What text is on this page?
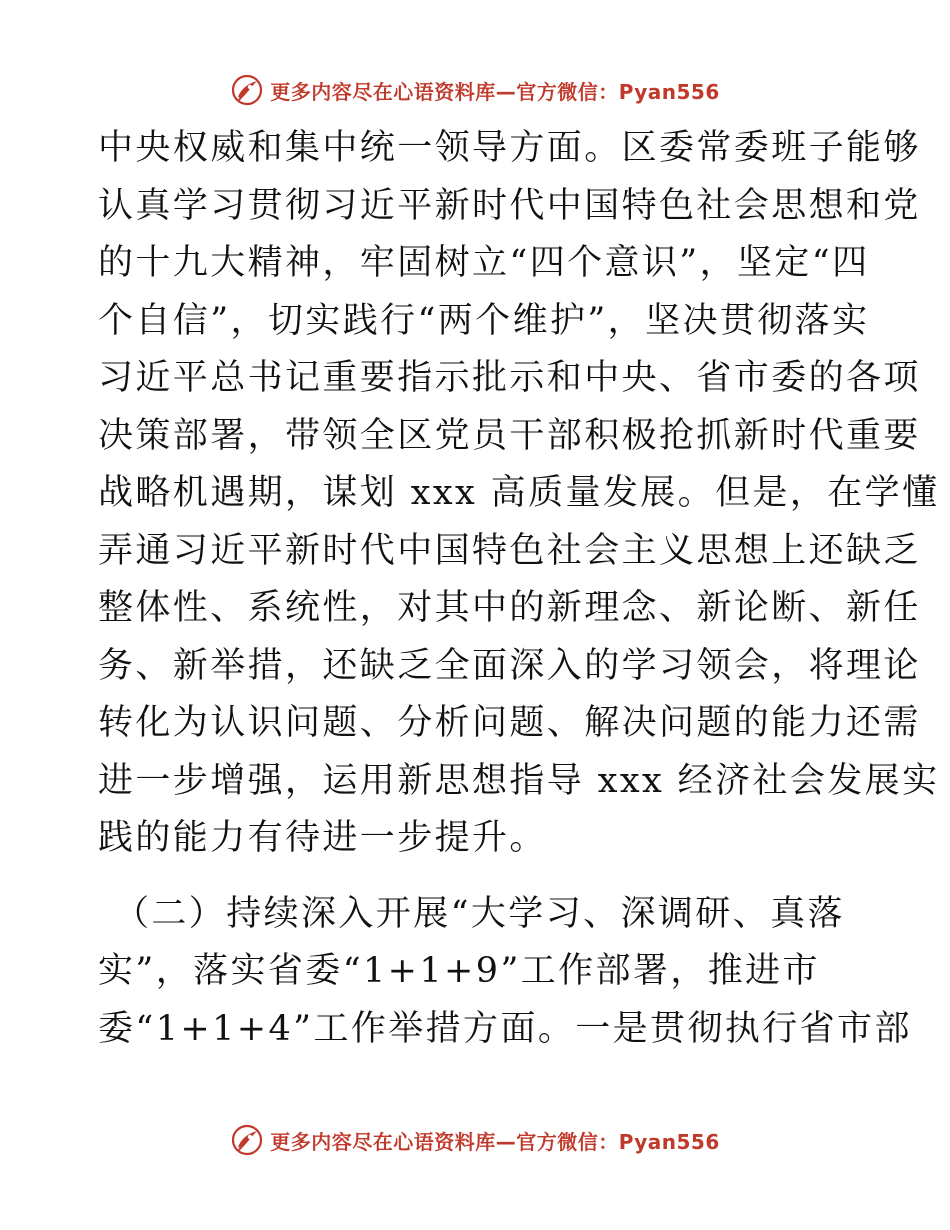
更多内容尽在心语资料库—官方微信：Pyan556

中央权威和集中统一领导方面。区委常委班子能够
认真学习贯彻习近平新时代中国特色社会思想和党
的十九大精神，牢固树立“四个意识”，坚定“四
个自信”，切实践行“两个维护”，坚决贯彻落实
习近平总书记重要指示批示和中央、省市委的各项
决策部署，带领全区党员干部积极抢抓新时代重要
战略机遇期，谋划 xxx 高质量发展。但是，在学懂
弄通习近平新时代中国特色社会主义思想上还缺乏
整体性、系统性，对其中的新理念、新论断、新任
务、新举措，还缺乏全面深入的学习领会，将理论
转化为认识问题、分析问题、解决问题的能力还需
进一步增强，运用新思想指导 xxx 经济社会发展实
践的能力有待进一步提升。

（二）持续深入开展“大学习、深调研、真落
实”，落实省委“1+1+9”工作部署，推进市
委“1+1+4”工作举措方面。一是贯彻执行省市部

更多内容尽在心语资料库—官方微信：Pyan556
